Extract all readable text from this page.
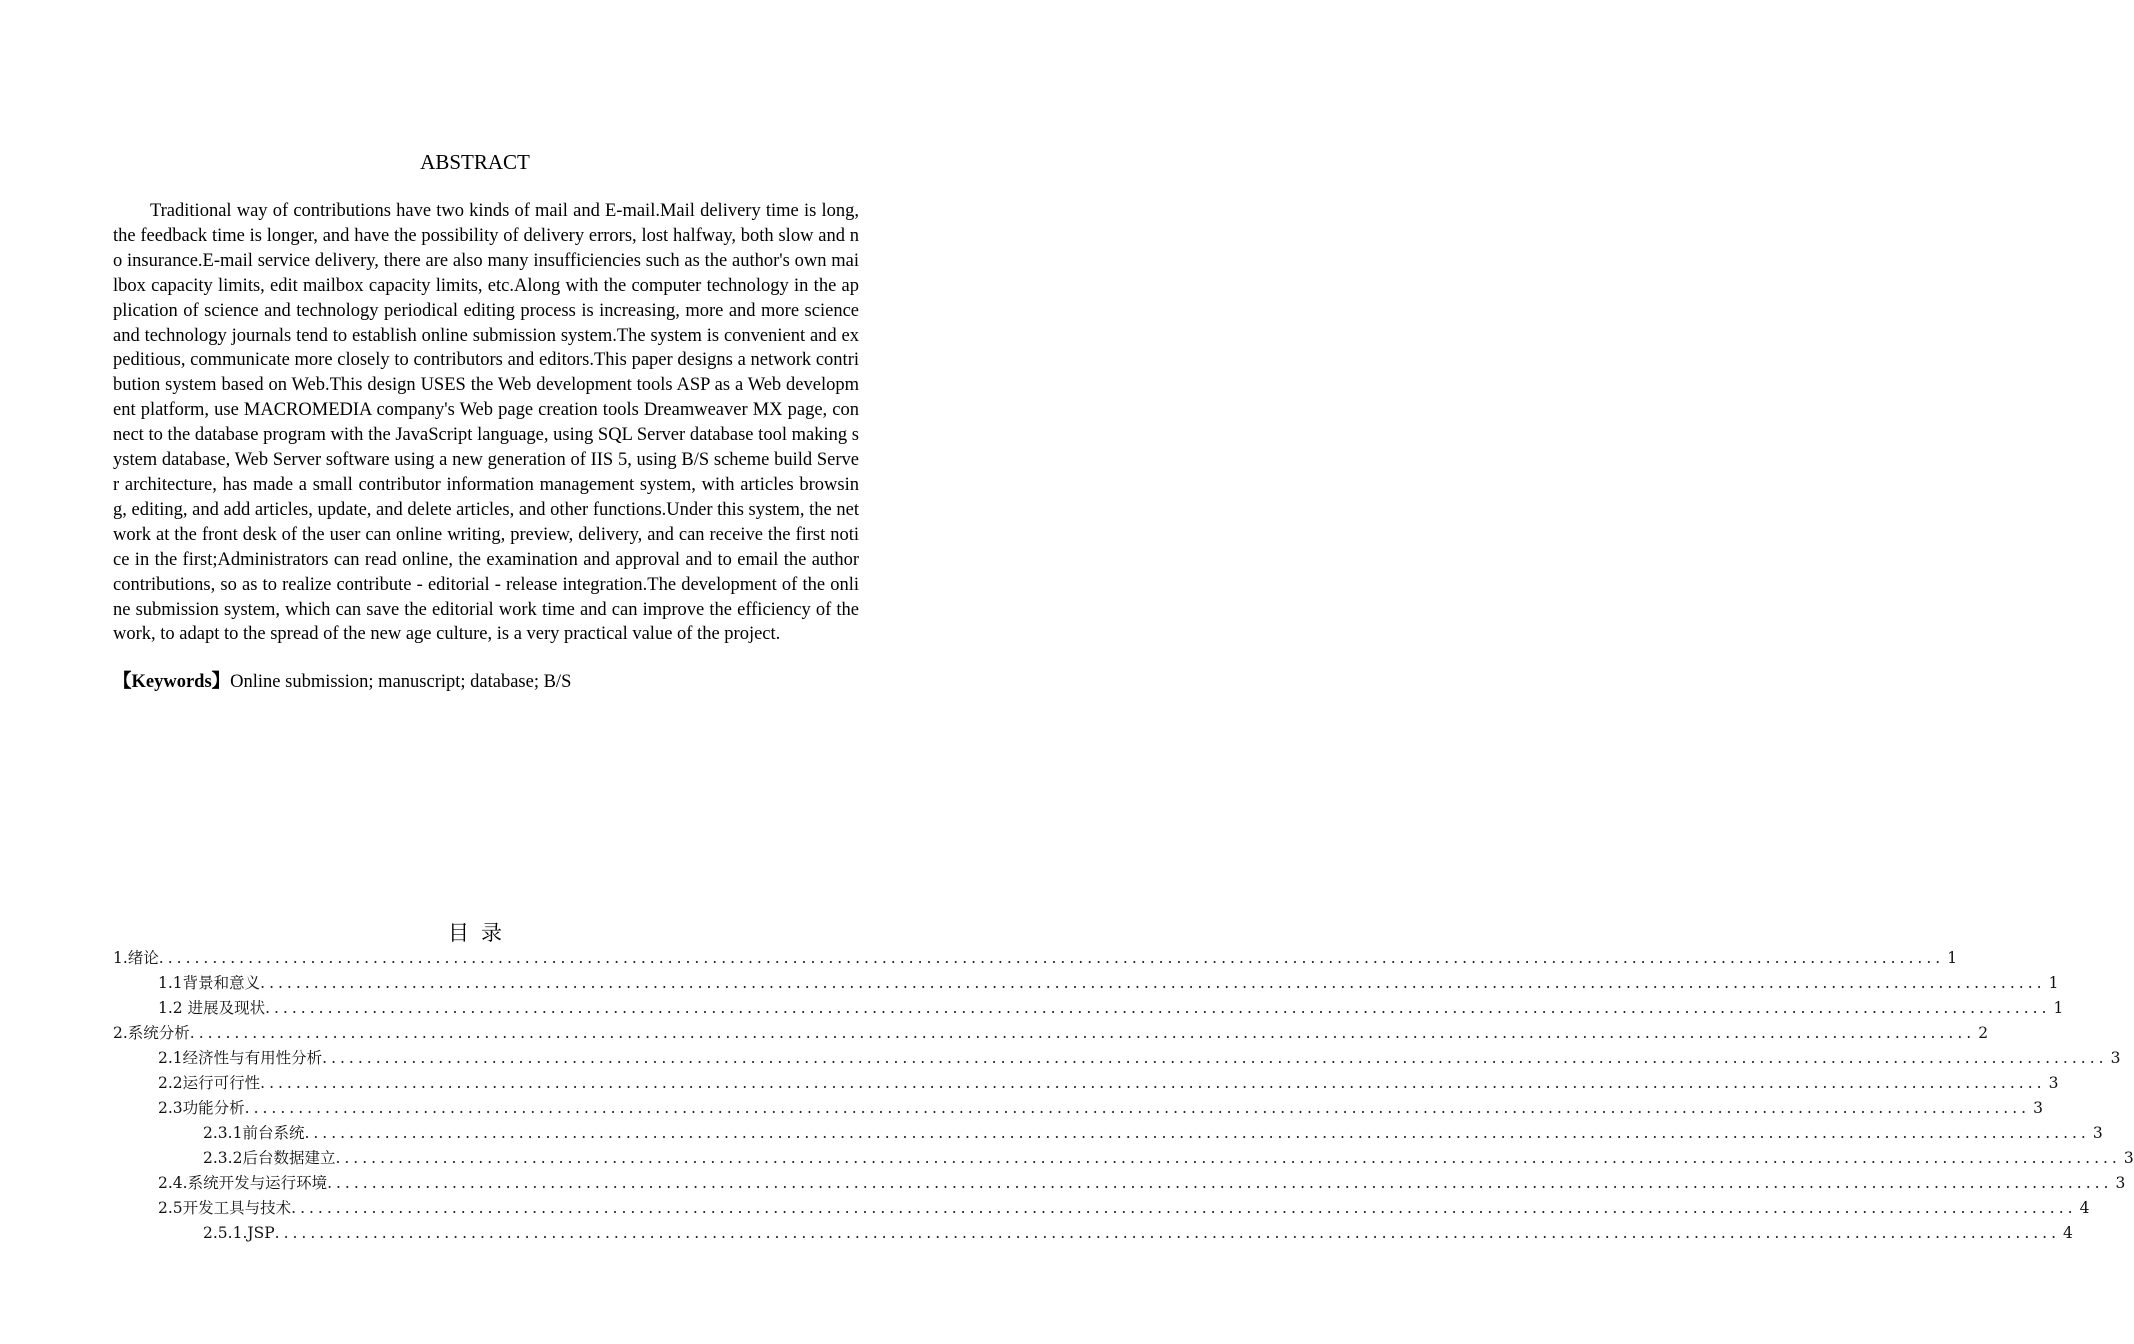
ABSTRACT

Traditional way of contributions have two kinds of mail and E-mail.Mail delivery time is long, the feedback time is longer, and have the possibility of delivery errors, lost halfway, both slow and no insurance.E-mail service delivery, there are also many insufficiencies such as the author's own mailbox capacity limits, edit mailbox capacity limits, etc.Along with the computer technology in the application of science and technology periodical editing process is increasing, more and more science and technology journals tend to establish online submission system.The system is convenient and expeditious, communicate more closely to contributors and editors.This paper designs a network contribution system based on Web.This design USES the Web development tools ASP as a Web development platform, use MACROMEDIA company's Web page creation tools Dreamweaver MX page, connect to the database program with the JavaScript language, using SQL Server database tool making system database, Web Server software using a new generation of IIS 5, using B/S scheme build Server architecture, has made a small contributor information management system, with articles browsing, editing, and add articles, update, and delete articles, and other functions.Under this system, the network at the front desk of the user can online writing, preview, delivery, and can receive the first notice in the first;Administrators can read online, the examination and approval and to email the author contributions, so as to realize contribute - editorial - release integration.The development of the online submission system, which can save the editorial work time and can improve the efficiency of the work, to adapt to the spread of the new age culture, is a very practical value of the project.

【Keywords】Online submission; manuscript; database; B/S

目录
1.绪论 ........................................................................................................................................................................................................ 1
1.1背景和意义 ........................................................................................................................................................................................................ 1
1.2 进展及现状 ........................................................................................................................................................................................................ 1
2.系统分析 ........................................................................................................................................................................................................ 2
2.1经济性与有用性分析 ........................................................................................................................................................................................................ 3
2.2运行可行性 ........................................................................................................................................................................................................ 3
2.3功能分析 ........................................................................................................................................................................................................ 3
2.3.1前台系统 ........................................................................................................................................................................................................ 3
2.3.2后台数据建立 ........................................................................................................................................................................................................ 3
2.4.系统开发与运行环境 ........................................................................................................................................................................................................ 3
2.5开发工具与技术 ........................................................................................................................................................................................................ 4
2.5.1.JSP ........................................................................................................................................................................................................ 4
